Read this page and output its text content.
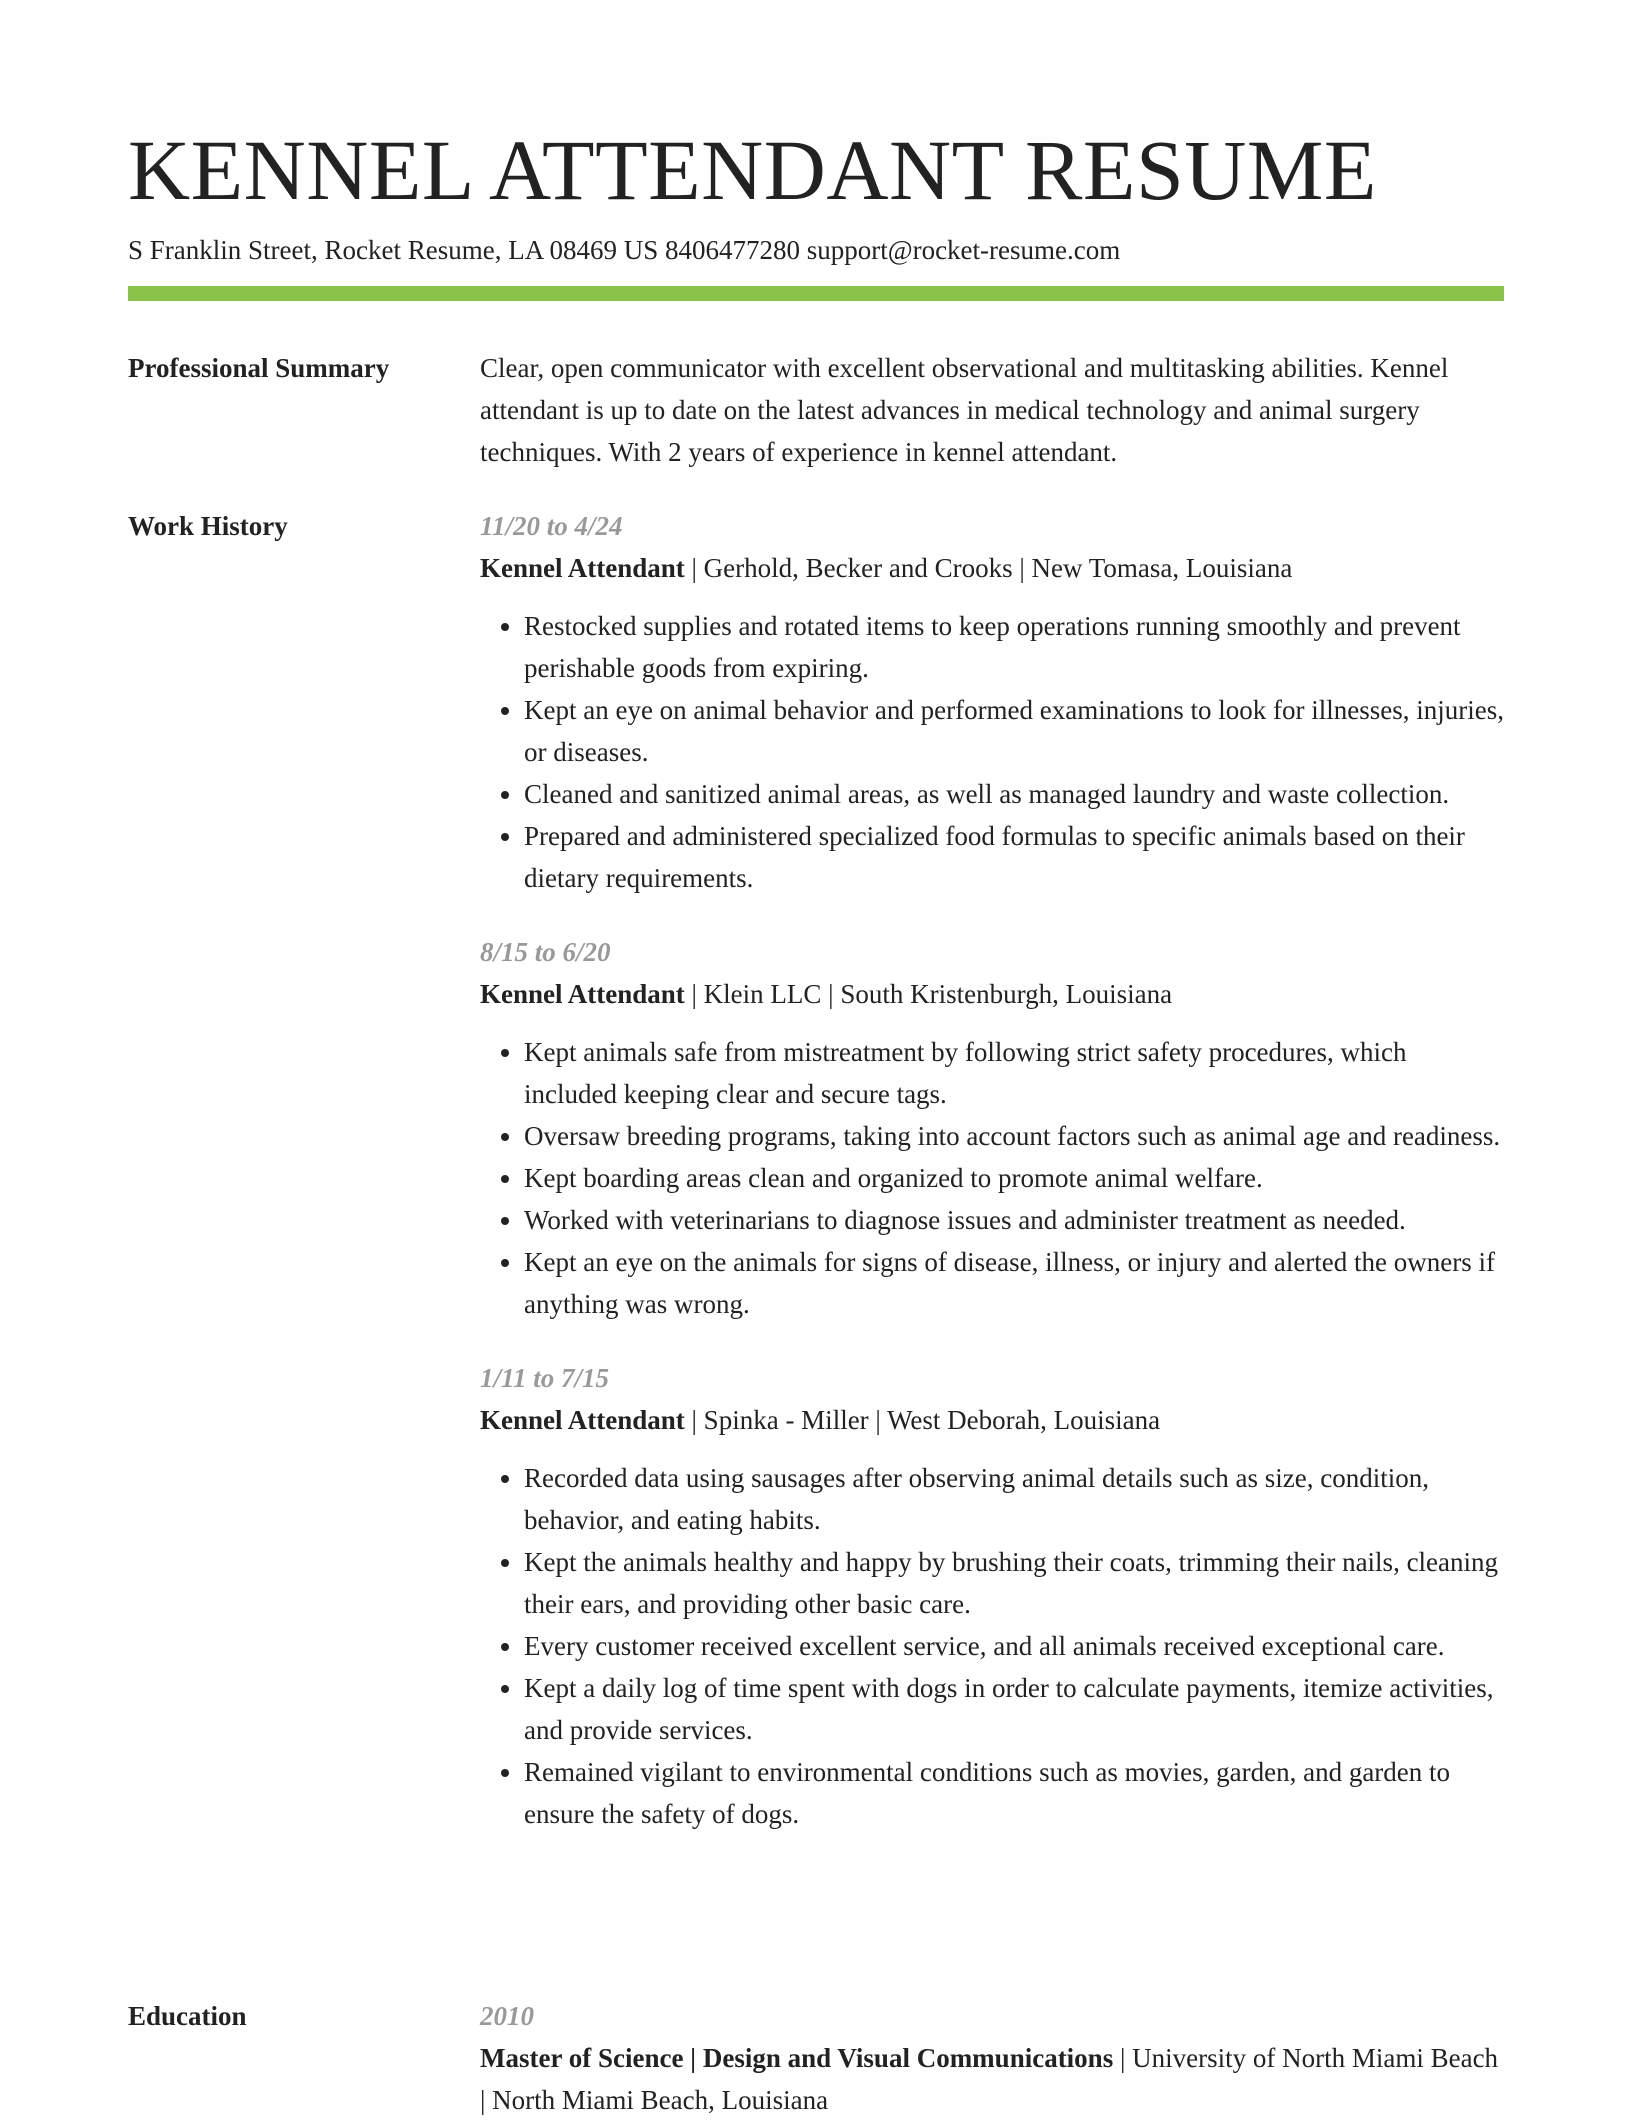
KENNEL ATTENDANT RESUME
S Franklin Street, Rocket Resume, LA 08469 US 8406477280 support@rocket-resume.com
Professional Summary	Clear, open communicator with excellent observational and multitasking abilities. Kennel attendant is up to date on the latest advances in medical technology and animal surgery techniques. With 2 years of experience in kennel attendant.

Work History	11/20 to 4/24
Kennel Attendant | Gerhold, Becker and Crooks | New Tomasa, Louisiana
• Restocked supplies and rotated items to keep operations running smoothly and prevent perishable goods from expiring.
• Kept an eye on animal behavior and performed examinations to look for illnesses, injuries, or diseases.
• Cleaned and sanitized animal areas, as well as managed laundry and waste collection.
• Prepared and administered specialized food formulas to specific animals based on their dietary requirements.
8/15 to 6/20
Kennel Attendant | Klein LLC | South Kristenburgh, Louisiana
• Kept animals safe from mistreatment by following strict safety procedures, which included keeping clear and secure tags.
• Oversaw breeding programs, taking into account factors such as animal age and readiness.
• Kept boarding areas clean and organized to promote animal welfare.
• Worked with veterinarians to diagnose issues and administer treatment as needed.
• Kept an eye on the animals for signs of disease, illness, or injury and alerted the owners if anything was wrong.
1/11 to 7/15
Kennel Attendant | Spinka - Miller | West Deborah, Louisiana
• Recorded data using sausages after observing animal details such as size, condition, behavior, and eating habits.
• Kept the animals healthy and happy by brushing their coats, trimming their nails, cleaning their ears, and providing other basic care.
• Every customer received excellent service, and all animals received exceptional care.
• Kept a daily log of time spent with dogs in order to calculate payments, itemize activities, and provide services.
• Remained vigilant to environmental conditions such as movies, garden, and garden to ensure the safety of dogs.
Education	2010
Master of Science | Design and Visual Communications | University of North Miami Beach | North Miami Beach, Louisiana
